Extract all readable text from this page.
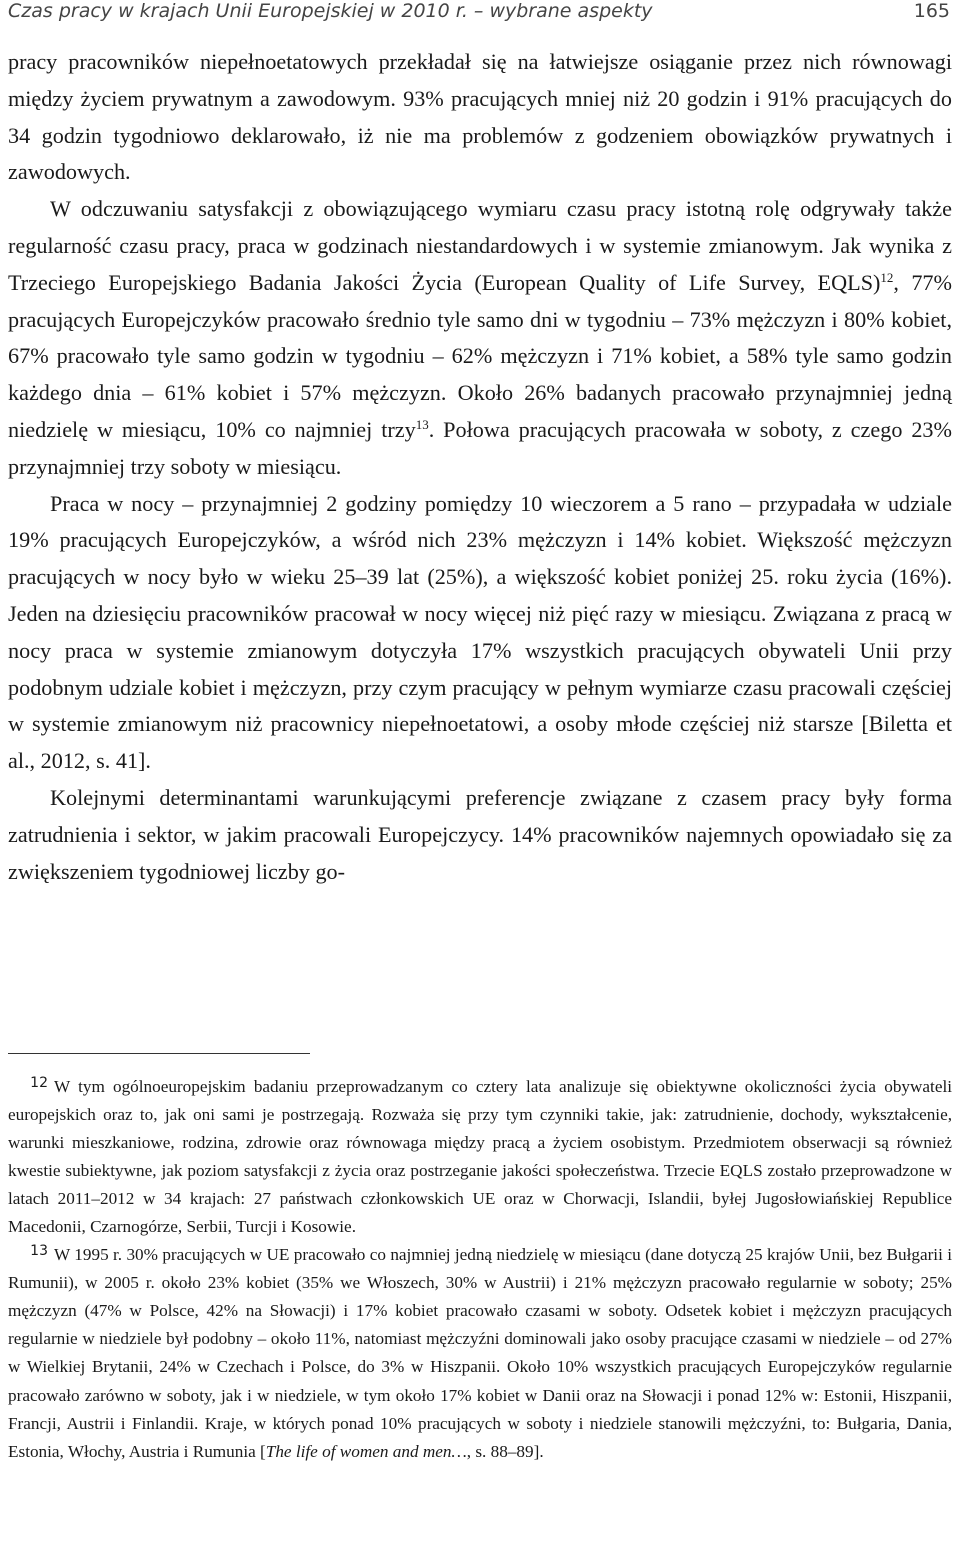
Czas pracy w krajach Unii Europejskiej w 2010 r. – wybrane aspekty	165

pracy pracowników niepełnoetatowych przekładał się na łatwiejsze osiąganie przez nich równowagi między życiem prywatnym a zawodowym. 93% pracujących mniej niż 20 godzin i 91% pracujących do 34 godzin tygodniowo deklarowało, iż nie ma problemów z godzeniem obowiązków prywatnych i zawodowych.

W odczuwaniu satysfakcji z obowiązującego wymiaru czasu pracy istotną rolę odgrywały także regularność czasu pracy, praca w godzinach niestandardowych i w systemie zmianowym. Jak wynika z Trzeciego Europejskiego Badania Jakości Życia (European Quality of Life Survey, EQLS)$^{12}$, 77% pracujących Europejczyków pracowało średnio tyle samo dni w tygodniu – 73% mężczyzn i 80% kobiet, 67% pracowało tyle samo godzin w tygodniu – 62% mężczyzn i 71% kobiet, a 58% tyle samo godzin każdego dnia – 61% kobiet i 57% mężczyzn. Około 26% badanych pracowało przynajmniej jedną niedzielę w miesiącu, 10% co najmniej trzy$^{13}$. Połowa pracujących pracowała w soboty, z czego 23% przynajmniej trzy soboty w miesiącu.

Praca w nocy – przynajmniej 2 godziny pomiędzy 10 wieczorem a 5 rano – przypadała w udziale 19% pracujących Europejczyków, a wśród nich 23% mężczyzn i 14% kobiet. Większość mężczyzn pracujących w nocy było w wieku 25–39 lat (25%), a większość kobiet poniżej 25. roku życia (16%). Jeden na dziesięciu pracowników pracował w nocy więcej niż pięć razy w miesiącu. Związana z pracą w nocy praca w systemie zmianowym dotyczyła 17% wszystkich pracujących obywateli Unii przy podobnym udziale kobiet i mężczyzn, przy czym pracujący w pełnym wymiarze czasu pracowali częściej w systemie zmianowym niż pracownicy niepełnoetatowi, a osoby młode częściej niż starsze [Biletta et al., 2012, s. 41].

Kolejnymi determinantami warunkującymi preferencje związane z czasem pracy były forma zatrudnienia i sektor, w jakim pracowali Europejczycy. 14% pracowników najemnych opowiadało się za zwiększeniem tygodniowej liczby go-

12 W tym ogólnoeuropejskim badaniu przeprowadzanym co cztery lata analizuje się obiektywne okoliczności życia obywateli europejskich oraz to, jak oni sami je postrzegają. Rozważa się przy tym czynniki takie, jak: zatrudnienie, dochody, wykształcenie, warunki mieszkaniowe, rodzina, zdrowie oraz równowaga między pracą a życiem osobistym. Przedmiotem obserwacji są również kwestie subiektywne, jak poziom satysfakcji z życia oraz postrzeganie jakości społeczeństwa. Trzecie EQLS zostało przeprowadzone w latach 2011–2012 w 34 krajach: 27 państwach członkowskich UE oraz w Chorwacji, Islandii, byłej Jugosłowiańskiej Republice Macedonii, Czarnogórze, Serbii, Turcji i Kosowie.

13 W 1995 r. 30% pracujących w UE pracowało co najmniej jedną niedzielę w miesiącu (dane dotyczą 25 krajów Unii, bez Bułgarii i Rumunii), w 2005 r. około 23% kobiet (35% we Włoszech, 30% w Austrii) i 21% mężczyzn pracowało regularnie w soboty; 25% mężczyzn (47% w Polsce, 42% na Słowacji) i 17% kobiet pracowało czasami w soboty. Odsetek kobiet i mężczyzn pracujących regularnie w niedziele był podobny – około 11%, natomiast mężczyźni dominowali jako osoby pracujące czasami w niedziele – od 27% w Wielkiej Brytanii, 24% w Czechach i Polsce, do 3% w Hiszpanii. Około 10% wszystkich pracujących Europejczyków regularnie pracowało zarówno w soboty, jak i w niedziele, w tym około 17% kobiet w Danii oraz na Słowacji i ponad 12% w: Estonii, Hiszpanii, Francji, Austrii i Finlandii. Kraje, w których ponad 10% pracujących w soboty i niedziele stanowili mężczyźni, to: Bułgaria, Dania, Estonia, Włochy, Austria i Rumunia [The life of women and men…, s. 88–89].
